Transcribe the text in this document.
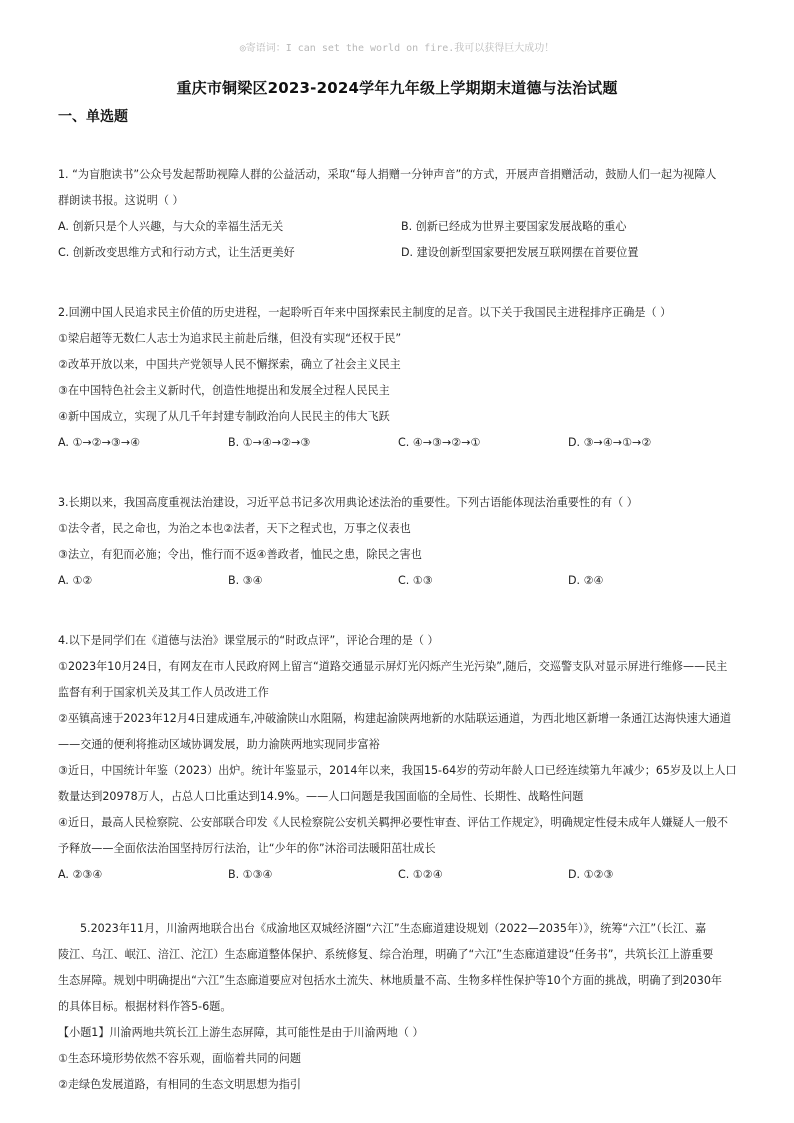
◎寄语词：I can set the world on fire.我可以获得巨大成功！
重庆市铜梁区2023-2024学年九年级上学期期末道德与法治试题
一、单选题
1. “为盲胞读书”公众号发起帮助视障人群的公益活动，采取“每人捐赠一分钟声音”的方式，开展声音捐赠活动，鼓励人们一起为视障人
群朗读书报。这说明（ ）
A. 创新只是个人兴趣，与大众的幸福生活无关	B. 创新已经成为世界主要国家发展战略的重心
C. 创新改变思维方式和行动方式，让生活更美好	D. 建设创新型国家要把发展互联网摆在首要位置
2.回溯中国人民追求民主价值的历史进程，一起聆听百年来中国探索民主制度的足音。以下关于我国民主进程排序正确是（ ）
①梁启超等无数仁人志士为追求民主前赴后继，但没有实现“还权于民”
②改革开放以来，中国共产党领导人民不懈探索，确立了社会主义民主
③在中国特色社会主义新时代，创造性地提出和发展全过程人民民主
④新中国成立，实现了从几千年封建专制政治向人民民主的伟大飞跃
A. ①→②→③→④	B. ①→④→②→③	C. ④→③→②→①	D. ③→④→①→②
3.长期以来，我国高度重视法治建设，习近平总书记多次用典论述法治的重要性。下列古语能体现法治重要性的有（ ）
①法令者，民之命也，为治之本也②法者，天下之程式也，万事之仪表也
③法立，有犯而必施；令出，惟行而不返④善政者，恤民之患，除民之害也
A. ①②	B. ③④	C. ①③	D. ②④
4.以下是同学们在《道德与法治》课堂展示的“时政点评”，评论合理的是（ ）
①2023年10月24日，有网友在市人民政府网上留言“道路交通显示屏灯光闪烁产生光污染”,随后，交巡警支队对显示屏进行维修——民主
监督有利于国家机关及其工作人员改进工作
②巫镇高速于2023年12月4日建成通车,冲破渝陕山水阻隔，构建起渝陕两地新的水陆联运通道，为西北地区新增一条通江达海快速大通道
——交通的便利将推动区域协调发展，助力渝陕两地实现同步富裕
③近日，中国统计年鉴（2023）出炉。统计年鉴显示，2014年以来，我国15-64岁的劳动年龄人口已经连续第九年减少；65岁及以上人口
数量达到20978万人，占总人口比重达到14.9%。——人口问题是我国面临的全局性、长期性、战略性问题
④近日，最高人民检察院、公安部联合印发《人民检察院公安机关羁押必要性审查、评估工作规定》，明确规定性侵未成年人嫌疑人一般不
予释放——全面依法治国坚持厉行法治，让“少年的你”沐浴司法暖阳茁壮成长
A. ②③④	B. ①③④	C. ①②④	D. ①②③
5.2023年11月，川渝两地联合出台《成渝地区双城经济圈“六江”生态廊道建设规划（2022—2035年）》，统筹“六江”（长江、嘉
陵江、乌江、岷江、涪江、沱江）生态廊道整体保护、系统修复、综合治理，明确了“六江”生态廊道建设“任务书”，共筑长江上游重要
生态屏障。规划中明确提出“六江”生态廊道要应对包括水土流失、林地质量不高、生物多样性保护等10个方面的挑战，明确了到2030年
的具体目标。根据材料作答5-6题。
【小题1】川渝两地共筑长江上游生态屏障，其可能性是由于川渝两地（ ）
①生态环境形势依然不容乐观，面临着共同的问题
②走绿色发展道路，有相同的生态文明思想为指引
